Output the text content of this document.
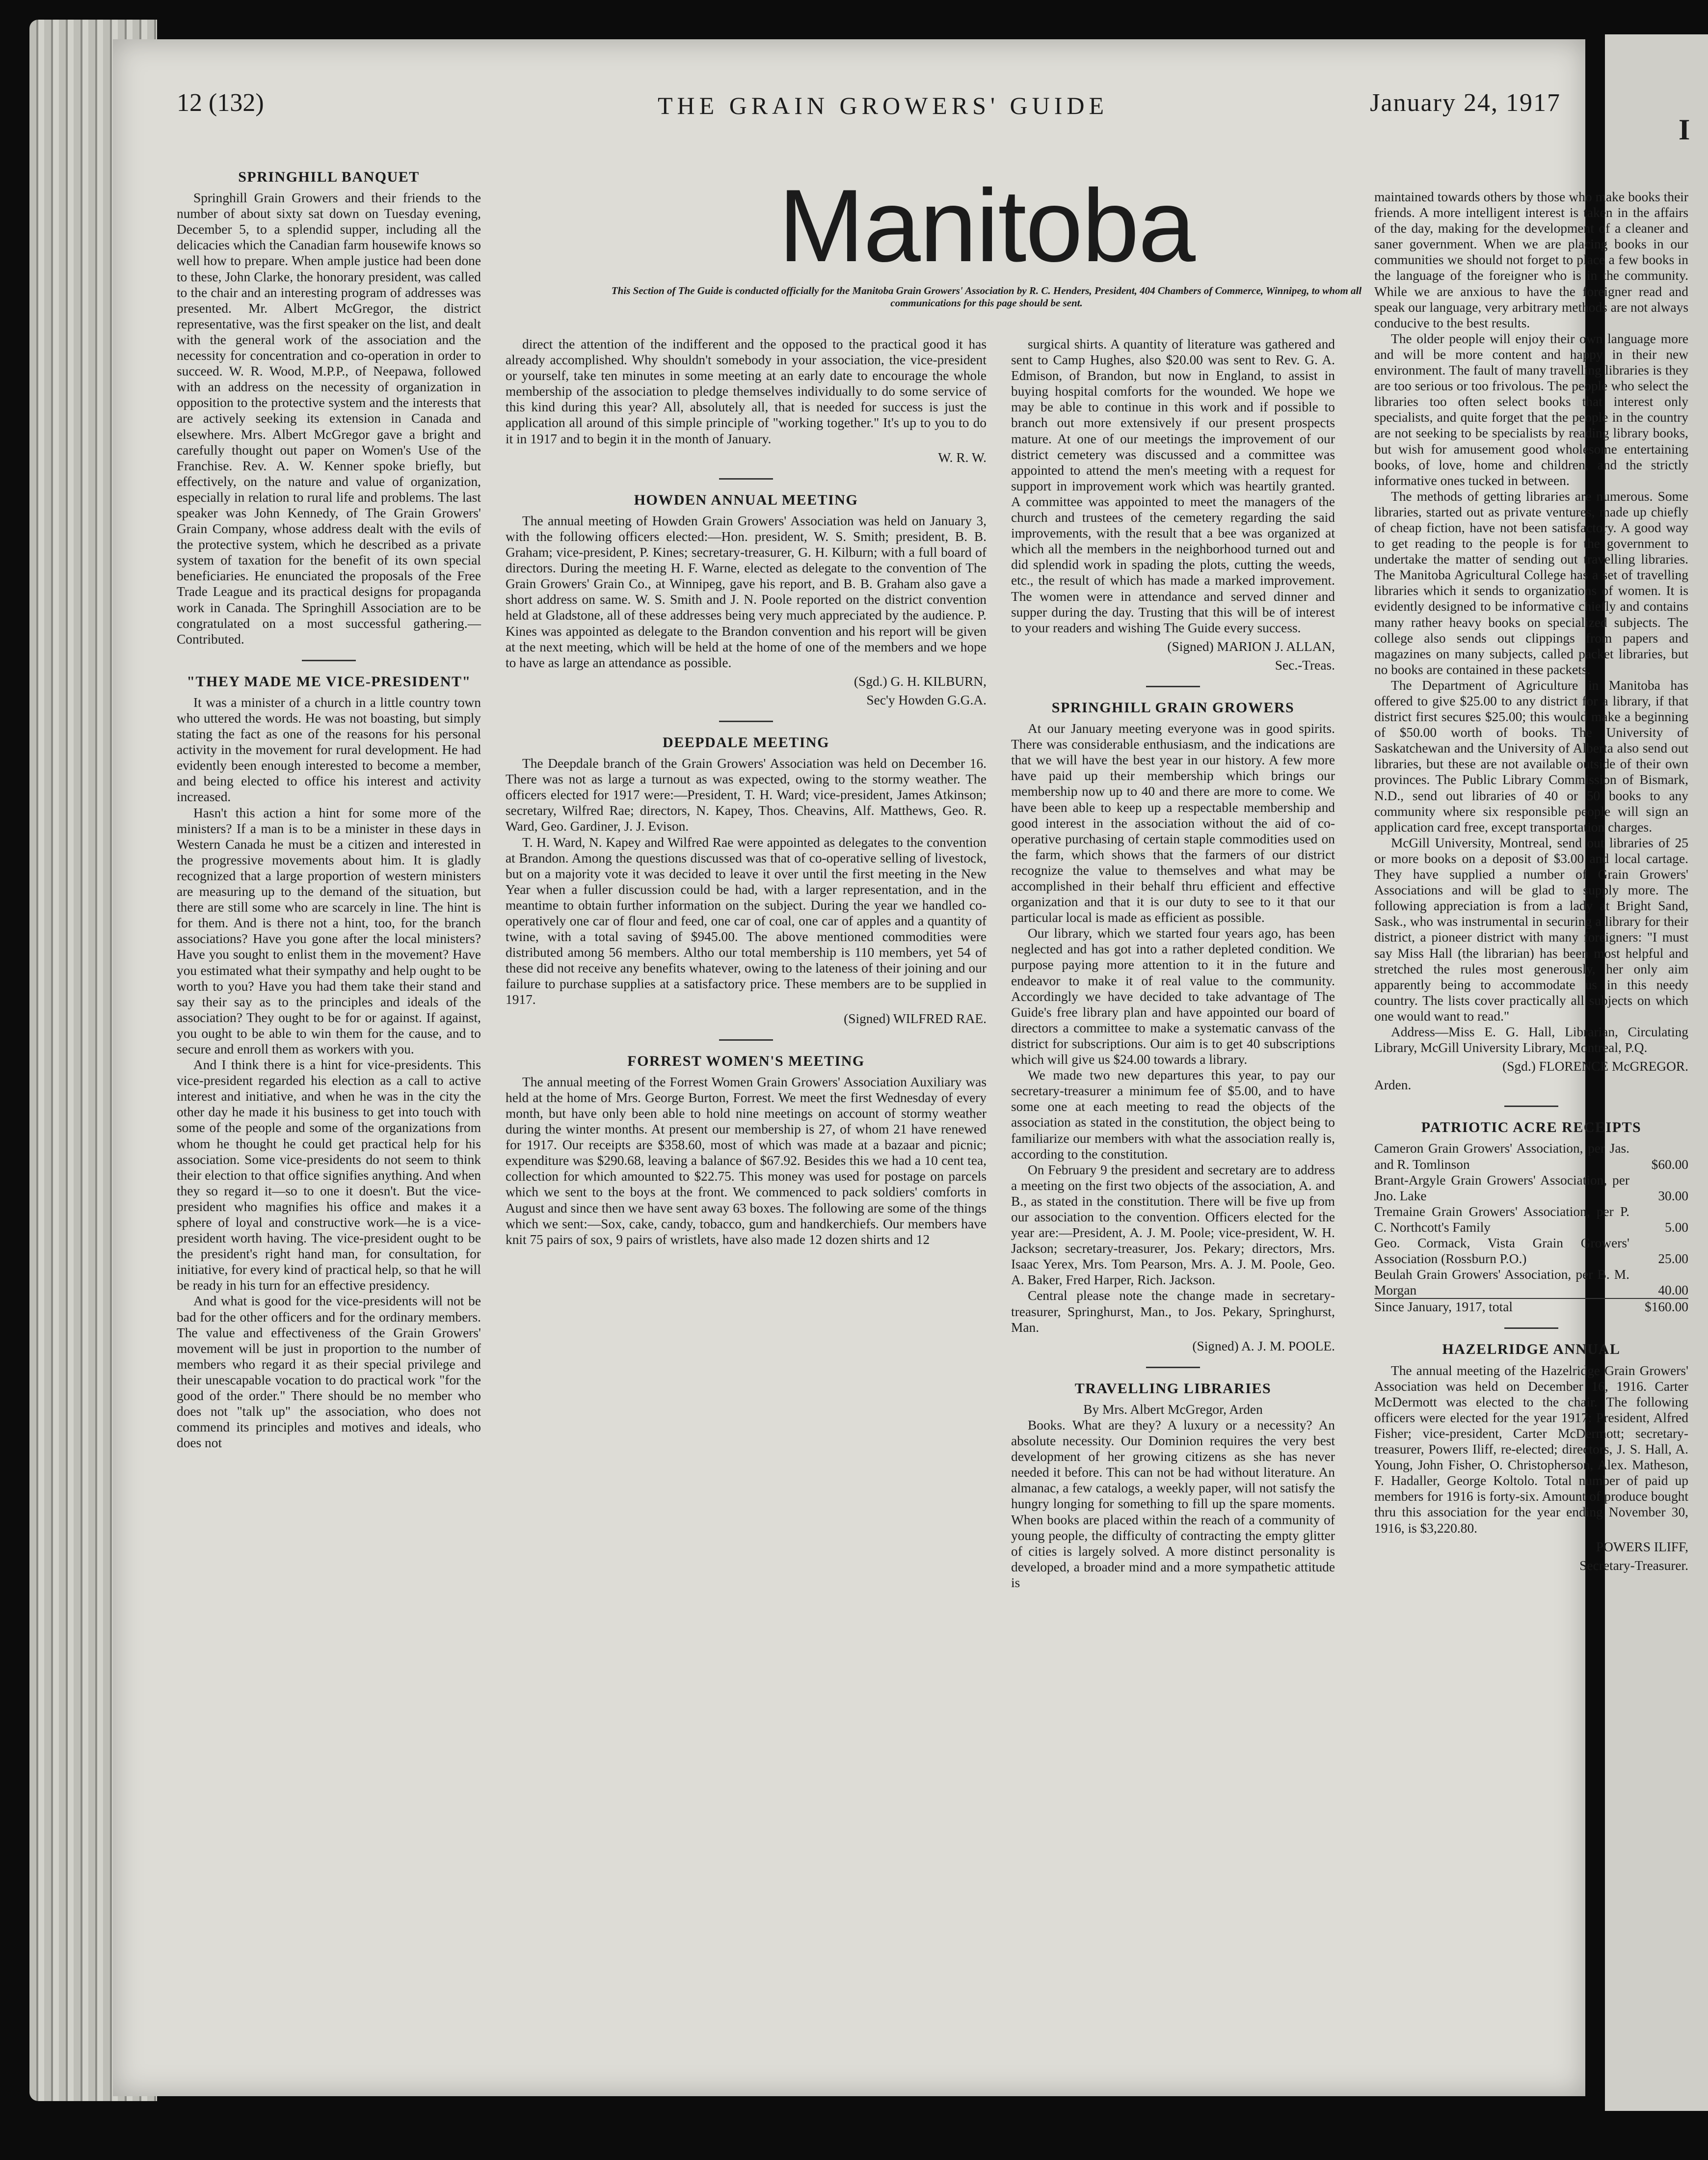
I
12 (132)	THE GRAIN GROWERS' GUIDE	January 24, 1917
Manitoba
This Section of The Guide is conducted officially for the Manitoba Grain Growers' Association by R. C. Henders, President, 404 Chambers of Commerce, Winnipeg, to whom all communications for this page should be sent.
SPRINGHILL BANQUET

Springhill Grain Growers and their friends to the number of about sixty sat down on Tuesday evening, December 5, to a splendid supper, including all the delicacies which the Canadian farm housewife knows so well how to prepare. When ample justice had been done to these, John Clarke, the honorary president, was called to the chair and an interesting program of addresses was presented. Mr. Albert McGregor, the district representative, was the first speaker on the list, and dealt with the general work of the association and the necessity for concentration and co-operation in order to succeed. W. R. Wood, M.P.P., of Neepawa, followed with an address on the necessity of organization in opposition to the protective system and the interests that are actively seeking its extension in Canada and elsewhere. Mrs. Albert McGregor gave a bright and carefully thought out paper on Women's Use of the Franchise. Rev. A. W. Kenner spoke briefly, but effectively, on the nature and value of organization, especially in relation to rural life and problems. The last speaker was John Kennedy, of The Grain Growers' Grain Company, whose address dealt with the evils of the protective system, which he described as a private system of taxation for the benefit of its own special beneficiaries. He enunciated the proposals of the Free Trade League and its practical designs for propaganda work in Canada. The Springhill Association are to be congratulated on a most successful gathering.—Contributed.

"THEY MADE ME VICE-PRESIDENT"

It was a minister of a church in a little country town who uttered the words. He was not boasting, but simply stating the fact as one of the reasons for his personal activity in the movement for rural development. He had evidently been enough interested to become a member, and being elected to office his interest and activity increased.

Hasn't this action a hint for some more of the ministers? If a man is to be a minister in these days in Western Canada he must be a citizen and interested in the progressive movements about him. It is gladly recognized that a large proportion of western ministers are measuring up to the demand of the situation, but there are still some who are scarcely in line. The hint is for them. And is there not a hint, too, for the branch associations? Have you gone after the local ministers? Have you sought to enlist them in the movement? Have you estimated what their sympathy and help ought to be worth to you? Have you had them take their stand and say their say as to the principles and ideals of the association? They ought to be for or against. If against, you ought to be able to win them for the cause, and to secure and enroll them as workers with you.

And I think there is a hint for vice-presidents. This vice-president regarded his election as a call to active interest and initiative, and when he was in the city the other day he made it his business to get into touch with some of the people and some of the organizations from whom he thought he could get practical help for his association. Some vice-presidents do not seem to think their election to that office signifies anything. And when they so regard it—so to one it doesn't. But the vice-president who magnifies his office and makes it a sphere of loyal and constructive work—he is a vice-president worth having. The vice-president ought to be the president's right hand man, for consultation, for initiative, for every kind of practical help, so that he will be ready in his turn for an effective presidency.

And what is good for the vice-presidents will not be bad for the other officers and for the ordinary members. The value and effectiveness of the Grain Growers' movement will be just in proportion to the number of members who regard it as their special privilege and their unescapable vocation to do practical work "for the good of the order." There should be no member who does not "talk up" the association, who does not commend its principles and motives and ideals, who does not

direct the attention of the indifferent and the opposed to the practical good it has already accomplished. Why shouldn't somebody in your association, the vice-president or yourself, take ten minutes in some meeting at an early date to encourage the whole membership of the association to pledge themselves individually to do some service of this kind during this year? All, absolutely all, that is needed for success is just the application all around of this simple principle of "working together." It's up to you to do it in 1917 and to begin it in the month of January.

W. R. W.
HOWDEN ANNUAL MEETING

The annual meeting of Howden Grain Growers' Association was held on January 3, with the following officers elected:—Hon. president, W. S. Smith; president, B. B. Graham; vice-president, P. Kines; secretary-treasurer, G. H. Kilburn; with a full board of directors. During the meeting H. F. Warne, elected as delegate to the convention of The Grain Growers' Grain Co., at Winnipeg, gave his report, and B. B. Graham also gave a short address on same. W. S. Smith and J. N. Poole reported on the district convention held at Gladstone, all of these addresses being very much appreciated by the audience. P. Kines was appointed as delegate to the Brandon convention and his report will be given at the next meeting, which will be held at the home of one of the members and we hope to have as large an attendance as possible.

(Sgd.) G. H. KILBURN,
Sec'y Howden G.G.A.
DEEPDALE MEETING

The Deepdale branch of the Grain Growers' Association was held on December 16. There was not as large a turnout as was expected, owing to the stormy weather. The officers elected for 1917 were:—President, T. H. Ward; vice-president, James Atkinson; secretary, Wilfred Rae; directors, N. Kapey, Thos. Cheavins, Alf. Matthews, Geo. R. Ward, Geo. Gardiner, J. J. Evison.

T. H. Ward, N. Kapey and Wilfred Rae were appointed as delegates to the convention at Brandon. Among the questions discussed was that of co-operative selling of livestock, but on a majority vote it was decided to leave it over until the first meeting in the New Year when a fuller discussion could be had, with a larger representation, and in the meantime to obtain further information on the subject. During the year we handled co-operatively one car of flour and feed, one car of coal, one car of apples and a quantity of twine, with a total saving of $945.00. The above mentioned commodities were distributed among 56 members. Altho our total membership is 110 members, yet 54 of these did not receive any benefits whatever, owing to the lateness of their joining and our failure to purchase supplies at a satisfactory price. These members are to be supplied in 1917.

(Signed) WILFRED RAE.
FORREST WOMEN'S MEETING

The annual meeting of the Forrest Women Grain Growers' Association Auxiliary was held at the home of Mrs. George Burton, Forrest. We meet the first Wednesday of every month, but have only been able to hold nine meetings on account of stormy weather during the winter months. At present our membership is 27, of whom 21 have renewed for 1917. Our receipts are $358.60, most of which was made at a bazaar and picnic; expenditure was $290.68, leaving a balance of $67.92. Besides this we had a 10 cent tea, collection for which amounted to $22.75. This money was used for postage on parcels which we sent to the boys at the front. We commenced to pack soldiers' comforts in August and since then we have sent away 63 boxes. The following are some of the things which we sent:—Sox, cake, candy, tobacco, gum and handkerchiefs. Our members have knit 75 pairs of sox, 9 pairs of wristlets, have also made 12 dozen shirts and 12

surgical shirts. A quantity of literature was gathered and sent to Camp Hughes, also $20.00 was sent to Rev. G. A. Edmison, of Brandon, but now in England, to assist in buying hospital comforts for the wounded. We hope we may be able to continue in this work and if possible to branch out more extensively if our present prospects mature. At one of our meetings the improvement of our district cemetery was discussed and a committee was appointed to attend the men's meeting with a request for support in improvement work which was heartily granted. A committee was appointed to meet the managers of the church and trustees of the cemetery regarding the said improvements, with the result that a bee was organized at which all the members in the neighborhood turned out and did splendid work in spading the plots, cutting the weeds, etc., the result of which has made a marked improvement. The women were in attendance and served dinner and supper during the day. Trusting that this will be of interest to your readers and wishing The Guide every success.

(Signed) MARION J. ALLAN,
Sec.-Treas.
SPRINGHILL GRAIN GROWERS

At our January meeting everyone was in good spirits. There was considerable enthusiasm, and the indications are that we will have the best year in our history. A few more have paid up their membership which brings our membership now up to 40 and there are more to come. We have been able to keep up a respectable membership and good interest in the association without the aid of co-operative purchasing of certain staple commodities used on the farm, which shows that the farmers of our district recognize the value to themselves and what may be accomplished in their behalf thru efficient and effective organization and that it is our duty to see to it that our particular local is made as efficient as possible.

Our library, which we started four years ago, has been neglected and has got into a rather depleted condition. We purpose paying more attention to it in the future and endeavor to make it of real value to the community. Accordingly we have decided to take advantage of The Guide's free library plan and have appointed our board of directors a committee to make a systematic canvass of the district for subscriptions. Our aim is to get 40 subscriptions which will give us $24.00 towards a library.

We made two new departures this year, to pay our secretary-treasurer a minimum fee of $5.00, and to have some one at each meeting to read the objects of the association as stated in the constitution, the object being to familiarize our members with what the association really is, according to the constitution.

On February 9 the president and secretary are to address a meeting on the first two objects of the association, A. and B., as stated in the constitution. There will be five up from our association to the convention. Officers elected for the year are:—President, A. J. M. Poole; vice-president, W. H. Jackson; secretary-treasurer, Jos. Pekary; directors, Mrs. Isaac Yerex, Mrs. Tom Pearson, Mrs. A. J. M. Poole, Geo. A. Baker, Fred Harper, Rich. Jackson.

Central please note the change made in secretary-treasurer, Springhurst, Man., to Jos. Pekary, Springhurst, Man.

(Signed) A. J. M. POOLE.
TRAVELLING LIBRARIES
By Mrs. Albert McGregor, Arden

Books. What are they? A luxury or a necessity? An absolute necessity. Our Dominion requires the very best development of her growing citizens as she has never needed it before. This can not be had without literature. An almanac, a few catalogs, a weekly paper, will not satisfy the hungry longing for something to fill up the spare moments. When books are placed within the reach of a community of young people, the difficulty of contracting the empty glitter of cities is largely solved. A more distinct personality is developed, a broader mind and a more sympathetic attitude is

maintained towards others by those who make books their friends. A more intelligent interest is taken in the affairs of the day, making for the development of a cleaner and saner government. When we are placing books in our communities we should not forget to place a few books in the language of the foreigner who is in the community. While we are anxious to have the foreigner read and speak our language, very arbitrary methods are not always conducive to the best results.

The older people will enjoy their own language more and will be more content and happy in their new environment. The fault of many travelling libraries is they are too serious or too frivolous. The people who select the libraries too often select books that interest only specialists, and quite forget that the people in the country are not seeking to be specialists by reading library books, but wish for amusement good wholesome entertaining books, of love, home and children, and the strictly informative ones tucked in between.

The methods of getting libraries are numerous. Some libraries, started out as private ventures, made up chiefly of cheap fiction, have not been satisfactory. A good way to get reading to the people is for the government to undertake the matter of sending out travelling libraries. The Manitoba Agricultural College has a set of travelling libraries which it sends to organizations of women. It is evidently designed to be informative chiefly and contains many rather heavy books on specialized subjects. The college also sends out clippings from papers and magazines on many subjects, called packet libraries, but no books are contained in these packets.

The Department of Agriculture in Manitoba has offered to give $25.00 to any district for a library, if that district first secures $25.00; this would make a beginning of $50.00 worth of books. The University of Saskatchewan and the University of Alberta also send out libraries, but these are not available outside of their own provinces. The Public Library Commission of Bismark, N.D., send out libraries of 40 or 50 books to any community where six responsible people will sign an application card free, except transportation charges.

McGill University, Montreal, send out libraries of 25 or more books on a deposit of $3.00 and local cartage. They have supplied a number of Grain Growers' Associations and will be glad to supply more. The following appreciation is from a lady at Bright Sand, Sask., who was instrumental in securing a library for their district, a pioneer district with many foreigners: "I must say Miss Hall (the librarian) has been most helpful and stretched the rules most generously, her only aim apparently being to accommodate us in this needy country. The lists cover practically all subjects on which one would want to read."

Address—Miss E. G. Hall, Librarian, Circulating Library, McGill University Library, Montreal, P.Q.

(Sgd.) FLORENCE McGREGOR.
Arden.
PATRIOTIC ACRE RECEIPTS
Cameron Grain Growers' Association, per Jas. and R. Tomlinson	$60.00
Brant-Argyle Grain Growers' Association, per Jno. Lake	30.00
Tremaine Grain Growers' Association, per P. C. Northcott's Family	5.00
Geo. Cormack, Vista Grain Growers' Association (Rossburn P.O.)	25.00
Beulah Grain Growers' Association, per B. M. Morgan	40.00
Since January, 1917, total	$160.00
HAZELRIDGE ANNUAL

The annual meeting of the Hazelridge Grain Growers' Association was held on December 16, 1916. Carter McDermott was elected to the chair. The following officers were elected for the year 1917: President, Alfred Fisher; vice-president, Carter McDermott; secretary-treasurer, Powers Iliff, re-elected; directors, J. S. Hall, A. Young, John Fisher, O. Christopherson, Alex. Matheson, F. Hadaller, George Koltolo. Total number of paid up members for 1916 is forty-six. Amount of produce bought thru this association for the year ending November 30, 1916, is $3,220.80.

POWERS ILIFF,
Secretary-Treasurer.
